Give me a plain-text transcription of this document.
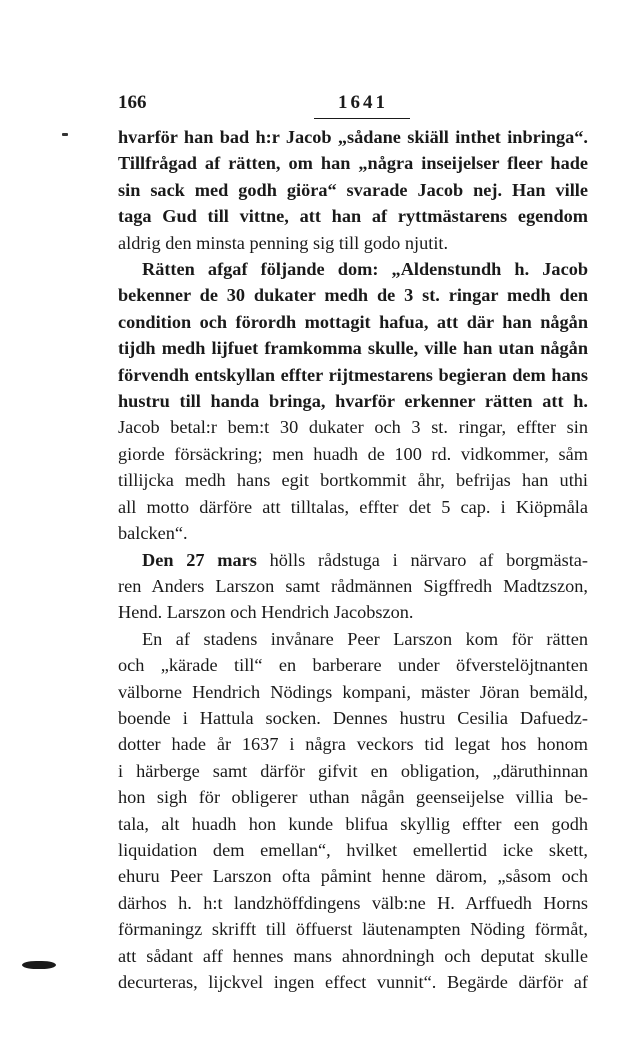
166	1641
hvarför han bad h:r Jacob „sådane skiäll inthet inbringa“.
Tillfrågad af rätten, om han „några inseijelser fleer hade
sin sack med godh giöra“ svarade Jacob nej. Han ville
taga Gud till vittne, att han af ryttmästarens egendom
aldrig den minsta penning sig till godo njutit.
Rätten afgaf följande dom: „Aldenstundh h. Jacob
bekenner de 30 dukater medh de 3 st. ringar medh den
condition och förordh mottagit hafua, att där han någån
tijdh medh lijfuet framkomma skulle, ville han utan någån
förvendh entskyllan effter rijtmestarens begieran dem hans
hustru till handa bringa, hvarför erkenner rätten att h.
Jacob betal:r bem:t 30 dukater och 3 st. ringar, effter sin
giorde försäckring; men huadh de 100 rd. vidkommer, såm
tillijcka medh hans egit bortkommit åhr, befrijas han uthi
all motto därföre att tilltalas, effter det 5 cap. i Kiöpmåla
balcken“.
Den 27 mars hölls rådstuga i närvaro af borgmästa-
ren Anders Larszon samt rådmännen Sigffredh Madtzszon,
Hend. Larszon och Hendrich Jacobszon.
En af stadens invånare Peer Larszon kom för rätten
och „kärade till“ en barberare under öfverstelöjtnanten
välborne Hendrich Nödings kompani, mäster Jöran bemäld,
boende i Hattula socken. Dennes hustru Cesilia Dafuedz-
dotter hade år 1637 i några veckors tid legat hos honom
i härberge samt därför gifvit en obligation, „däruthinnan
hon sigh för obligerer uthan någån geenseijelse villia be-
tala, alt huadh hon kunde blifua skyllig effter een godh
liquidation dem emellan“, hvilket emellertid icke skett,
ehuru Peer Larszon ofta påmint henne därom, „såsom och
därhos h. h:t landzhöffdingens välb:ne H. Arffuedh Horns
förmaningz skrifft till öffuerst läutenampten Nöding förmåt,
att sådant aff hennes mans ahnordningh och deputat skulle
decurteras, lijckvel ingen effect vunnit“. Begärde därför af
